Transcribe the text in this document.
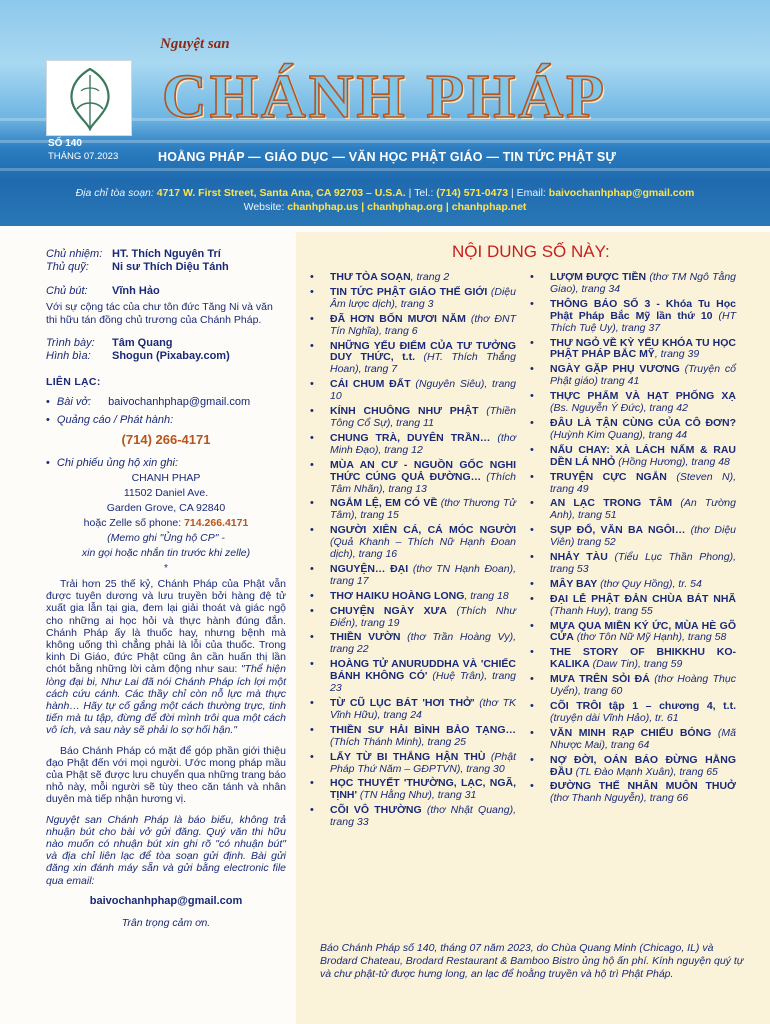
Nguyệt san
SỐ 140
THÁNG 07.2023
CHÁNH PHÁP
HOẰNG PHÁP — GIÁO DỤC — VĂN HỌC PHẬT GIÁO — TIN TỨC PHẬT SỰ
Địa chỉ tòa soạn: 4717 W. First Street, Santa Ana, CA 92703 – U.S.A. | Tel.: (714) 571-0473 | Email: baivochanhphap@gmail.com
Website: chanhphap.us | chanhphap.org | chanhphap.net
Chủ nhiệm: HT. Thích Nguyên Trí
Thủ quỹ:	Ni sư Thích Diệu Tánh
Chủ bút:	Vĩnh Hảo
Với sự cộng tác của chư tôn đức Tăng Ni và văn thi hữu tán đồng chủ trương của Chánh Pháp.
Trình bày:	Tâm Quang
Hình bìa:	Shogun (Pixabay.com)
LIÊN LẠC:
• Bài vở: baivochanhphap@gmail.com
• Quảng cáo / Phát hành:
(714) 266-4171
• Chi phiếu ủng hộ xin ghi:
CHANH PHAP
11502 Daniel Ave.
Garden Grove, CA 92840
hoặc Zelle số phone: 714.266.4171
(Memo ghi "Ủng hộ CP" -
xin gọi hoặc nhắn tin trước khi zelle)
*
Trải hơn 25 thế kỷ, Chánh Pháp của Phật vẫn được tuyên dương và lưu truyền bởi hàng đệ tử xuất gia lẫn tại gia, đem lại giải thoát và giác ngộ cho những ai học hỏi và thực hành đúng đắn. Chánh Pháp ấy là thuốc hay, nhưng bệnh mà không uống thì chẳng phải là lỗi của thuốc. Trong kinh Di Giáo, đức Phật cũng ân cần huấn thị lần chót bằng những lời cảm động như sau: "Thể hiện lòng đại bi, Như Lai đã nói Chánh Pháp ích lợi một cách cứu cánh. Các thầy chỉ còn nỗ lực mà thực hành… Hãy tự cố gắng một cách thường trực, tinh tiến mà tu tập, đừng để đời mình trôi qua một cách vô ích, và sau này sẽ phải lo sợ hối hận."
Báo Chánh Pháp có mặt để góp phần giới thiệu đạo Phật đến với mọi người. Ước mong pháp mầu của Phật sẽ được lưu chuyển qua những trang báo nhỏ này, mỗi người sẽ tùy theo căn tánh và nhân duyên mà tiếp nhận hương vị.
Nguyệt san Chánh Pháp là báo biếu, không trả nhuận bút cho bài vở gửi đăng. Quý văn thi hữu nào muốn có nhuận bút xin ghi rõ "có nhuận bút" và địa chỉ liên lạc để tòa soạn gửi định. Bài gửi đăng xin đánh máy sẵn và gửi bằng electronic file qua email:
baivochanhphap@gmail.com
Trân trọng cảm ơn.
NỘI DUNG SỐ NÀY:
• THƯ TÒA SOẠN, trang 2
• TIN TỨC PHẬT GIÁO THẾ GIỚI (Diệu Âm lược dịch), trang 3
• ĐÃ HƠN BỐN MƯƠI NĂM (thơ ĐNT Tín Nghĩa), trang 6
• NHỮNG YẾU ĐIỂM CỦA TƯ TƯỞNG DUY THỨC, t.t. (HT. Thích Thắng Hoan), trang 7
• CÁI CHUM ĐẤT (Nguyên Siêu), trang 10
• KÍNH CHUÔNG NHƯ PHẬT (Thiền Tông Cổ Sự), trang 11
• CHUNG TRÀ, DUYÊN TRẦN… (thơ Minh Đạo), trang 12
• MÙA AN CƯ - NGUỒN GỐC NGHI THỨC CÚNG QUẢ ĐƯỜNG… (Thích Tâm Nhãn), trang 13
• NGẮM LỆ, EM CÓ VỀ (thơ Thương Tử Tâm), trang 15
• NGƯỜI XIÊN CÁ, CÁ MÓC NGƯỜI (Quả Khanh – Thích Nữ Hạnh Đoan dịch), trang 16
• NGUYỆN… ĐẠI (thơ TN Hạnh Đoan), trang 17
• THƠ HAIKU HOÀNG LONG, trang 18
• CHUYỆN NGÀY XƯA (Thích Như Điển), trang 19
• THIỀN VƯỜN (thơ Trần Hoàng Vy), trang 22
• HOÀNG TỬ ANURUDDHA VÀ 'CHIẾC BÁNH KHÔNG CÓ' (Huệ Trân), trang 23
• TỪ CŨ LỤC BÁT 'HƠI THỞ' (thơ TK Vĩnh Hữu), trang 24
• THIỀN SƯ HẢI BÌNH BẢO TẠNG… (Thích Thánh Minh), trang 25
• LẤY TỪ BI THẮNG HẬN THÙ (Phật Pháp Thứ Năm – GĐPTVN), trang 30
• HỌC THUYẾT 'THƯỜNG, LẠC, NGÃ, TỊNH' (TN Hằng Như), trang 31
• CÕI VÔ THƯỜNG (thơ Nhật Quang), trang 33
• LƯỢM ĐƯỢC TIỀN (thơ TM Ngô Tằng Giao), trang 34
• THÔNG BÁO SỐ 3 - Khóa Tu Học Phật Pháp Bắc Mỹ lần thứ 10 (HT Thích Tuệ Uy), trang 37
• THƯ NGỎ VỀ KỲ YẾU KHÓA TU HỌC PHẬT PHÁP BẮC MỸ, trang 39
• NGÀY GẶP PHỤ VƯƠNG (Truyện cổ Phật giáo) trang 41
• THỰC PHẨM VÀ HẠT PHỐNG XẠ (Bs. Nguyễn Ý Đức), trang 42
• ĐÂU LÀ TẬN CÙNG CỦA CÔ ĐƠN? (Huỳnh Kim Quang), trang 44
• NẤU CHAY: XÀ LÁCH NẤM & RAU DỀN LÁ NHỎ (Hồng Hương), trang 48
• TRUYỆN CỰC NGẮN (Steven N), trang 49
• AN LẠC TRONG TÂM (An Tường Anh), trang 51
• SỤP ĐỔ, VĂN BA NGÔI… (thơ Diệu Viên) trang 52
• NHẢY TÀU (Tiểu Lục Thần Phong), trang 53
• MÂY BAY (thơ Quy Hồng), tr. 54
• ĐẠI LỄ PHẬT ĐẢN CHÙA BÁT NHÃ (Thanh Huy), trang 55
• MỰA QUA MIỀN KÝ ỨC, MÙA HÈ GÕ CỬA (thơ Tôn Nữ Mỹ Hạnh), trang 58
• THE STORY OF BHIKKHU KO-KALIKA (Daw Tin), trang 59
• MƯA TRÊN SỎI ĐÁ (thơ Hoàng Thục Uyển), trang 60
• CÕI TRÔI tập 1 – chương 4, t.t. (truyện dài Vĩnh Hảo), tr. 61
• VĂN MINH RẠP CHIẾU BÓNG (Mã Nhược Mai), trang 64
• NỢ ĐỜI, OÁN BÁO ĐỪNG HẰNG ĐẦU (TL Đào Mạnh Xuân), trang 65
• ĐƯỜNG THẾ NHÂN MUÔN THUỞ (thơ Thanh Nguyễn), trang 66
Báo Chánh Pháp số 140, tháng 07 năm 2023, do Chùa Quang Minh (Chicago, IL) và Brodard Chateau, Brodard Restaurant & Bamboo Bistro ủng hộ ấn phí. Kính nguyện quý tự và chư phật-tử được hưng long, an lạc để hoằng truyền và hộ trì Phật Pháp.
